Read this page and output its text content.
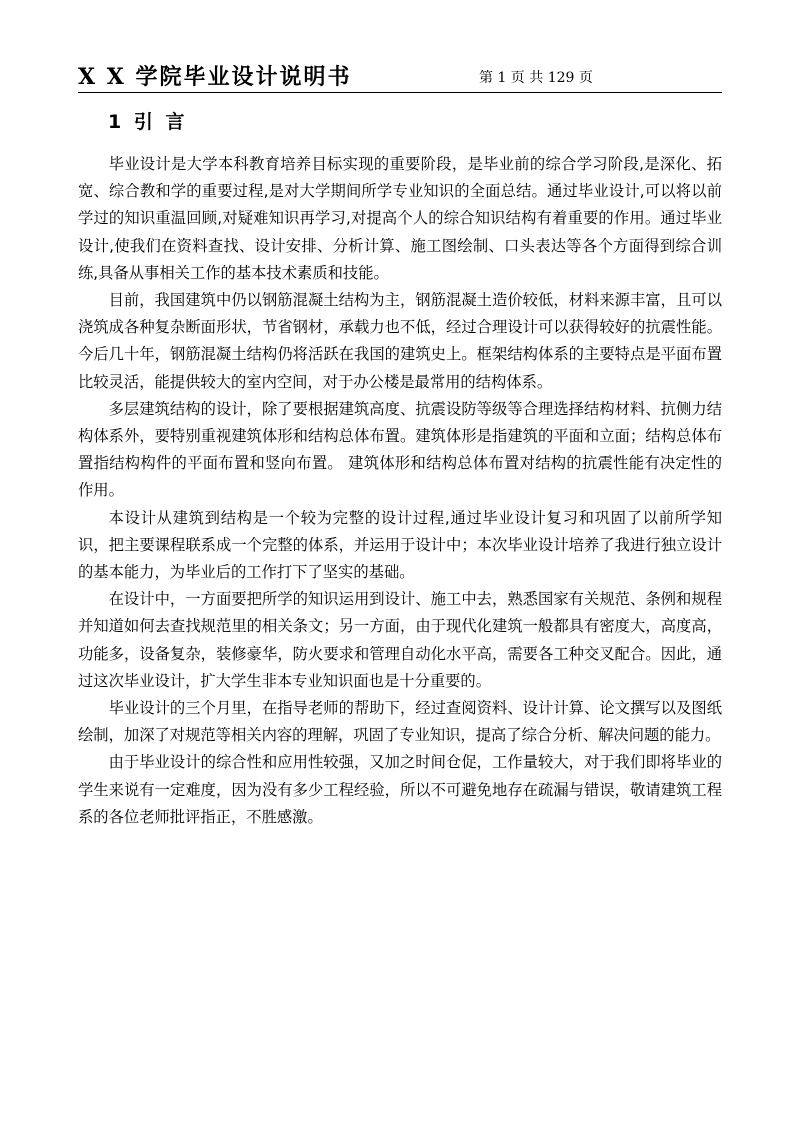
X X 学院毕业设计说明书	第 1 页 共 129 页
1 引 言

毕业设计是大学本科教育培养目标实现的重要阶段，是毕业前的综合学习阶段,是深化、拓宽、综合教和学的重要过程,是对大学期间所学专业知识的全面总结。通过毕业设计,可以将以前学过的知识重温回顾,对疑难知识再学习,对提高个人的综合知识结构有着重要的作用。通过毕业设计,使我们在资料查找、设计安排、分析计算、施工图绘制、口头表达等各个方面得到综合训练,具备从事相关工作的基本技术素质和技能。

目前，我国建筑中仍以钢筋混凝土结构为主，钢筋混凝土造价较低，材料来源丰富，且可以浇筑成各种复杂断面形状，节省钢材，承载力也不低，经过合理设计可以获得较好的抗震性能。今后几十年，钢筋混凝土结构仍将活跃在我国的建筑史上。框架结构体系的主要特点是平面布置比较灵活，能提供较大的室内空间，对于办公楼是最常用的结构体系。

多层建筑结构的设计，除了要根据建筑高度、抗震设防等级等合理选择结构材料、抗侧力结构体系外，要特别重视建筑体形和结构总体布置。建筑体形是指建筑的平面和立面；结构总体布置指结构构件的平面布置和竖向布置。 建筑体形和结构总体布置对结构的抗震性能有决定性的作用。

本设计从建筑到结构是一个较为完整的设计过程,通过毕业设计复习和巩固了以前所学知识，把主要课程联系成一个完整的体系，并运用于设计中；本次毕业设计培养了我进行独立设计的基本能力，为毕业后的工作打下了坚实的基础。

在设计中，一方面要把所学的知识运用到设计、施工中去，熟悉国家有关规范、条例和规程并知道如何去查找规范里的相关条文；另一方面，由于现代化建筑一般都具有密度大，高度高，功能多，设备复杂，装修豪华，防火要求和管理自动化水平高，需要各工种交叉配合。因此，通过这次毕业设计，扩大学生非本专业知识面也是十分重要的。

毕业设计的三个月里，在指导老师的帮助下，经过查阅资料、设计计算、论文撰写以及图纸绘制，加深了对规范等相关内容的理解，巩固了专业知识，提高了综合分析、解决问题的能力。

由于毕业设计的综合性和应用性较强，又加之时间仓促，工作量较大，对于我们即将毕业的学生来说有一定难度，因为没有多少工程经验，所以不可避免地存在疏漏与错误，敬请建筑工程系的各位老师批评指正，不胜感激。
